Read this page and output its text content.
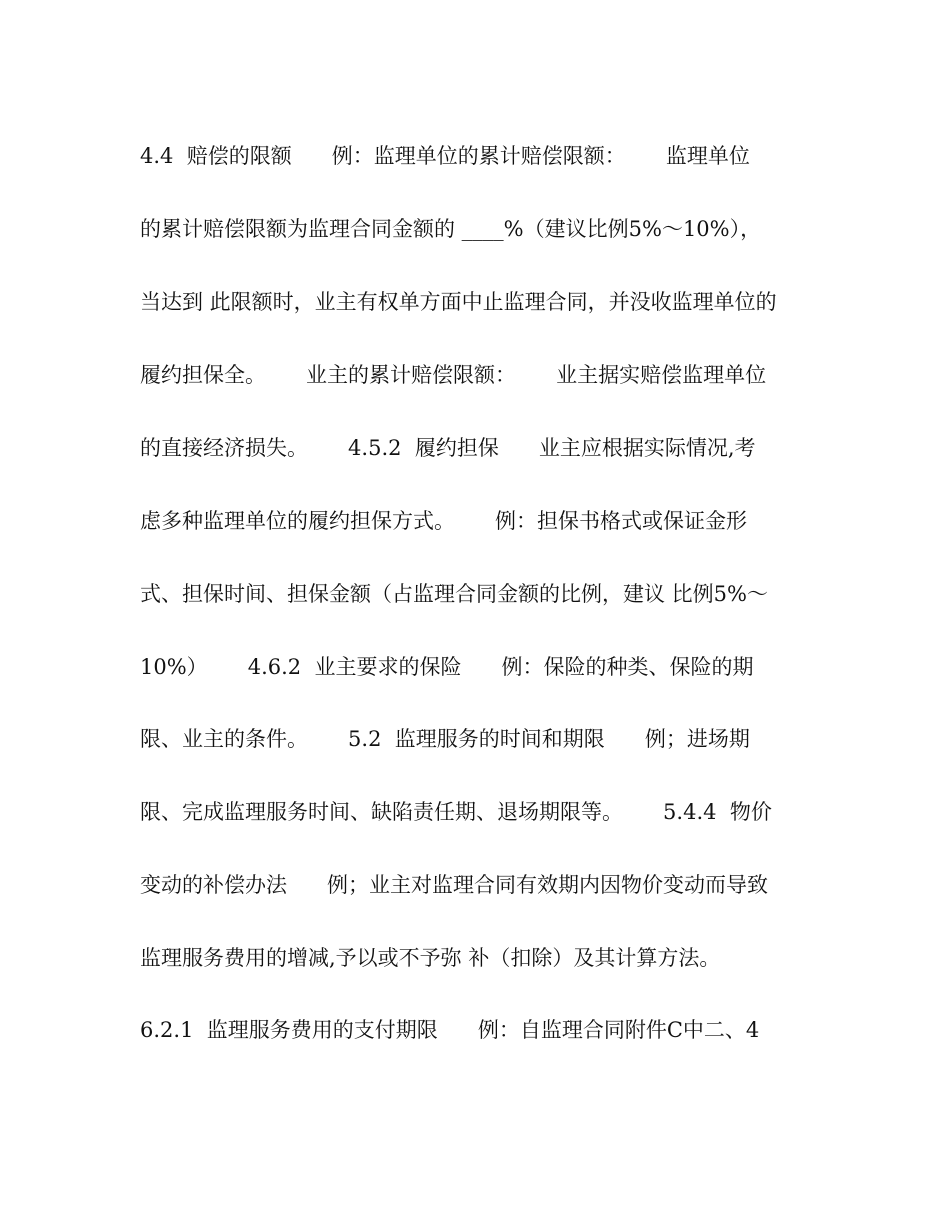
4.4  赔偿的限额      例：监理单位的累计赔偿限额：      监理单位
的累计赔偿限额为监理合同金额的 ____%（建议比例5%～10%），
当达到 此限额时，业主有权单方面中止监理合同，并没收监理单位的
履约担保全。      业主的累计赔偿限额：      业主据实赔偿监理单位
的直接经济损失。      4.5.2  履约担保      业主应根据实际情况,考
虑多种监理单位的履约担保方式。      例：担保书格式或保证金形
式、担保时间、担保金额（占监理合同金额的比例，建议 比例5%～
10%）      4.6.2  业主要求的保险      例：保险的种类、保险的期
限、业主的条件。      5.2  监理服务的时间和期限      例；进场期
限、完成监理服务时间、缺陷责任期、退场期限等。      5.4.4  物价
变动的补偿办法      例；业主对监理合同有效期内因物价变动而导致
监理服务费用的增减,予以或不予弥 补（扣除）及其计算方法。
6.2.1  监理服务费用的支付期限      例：自监理合同附件C中二、4
